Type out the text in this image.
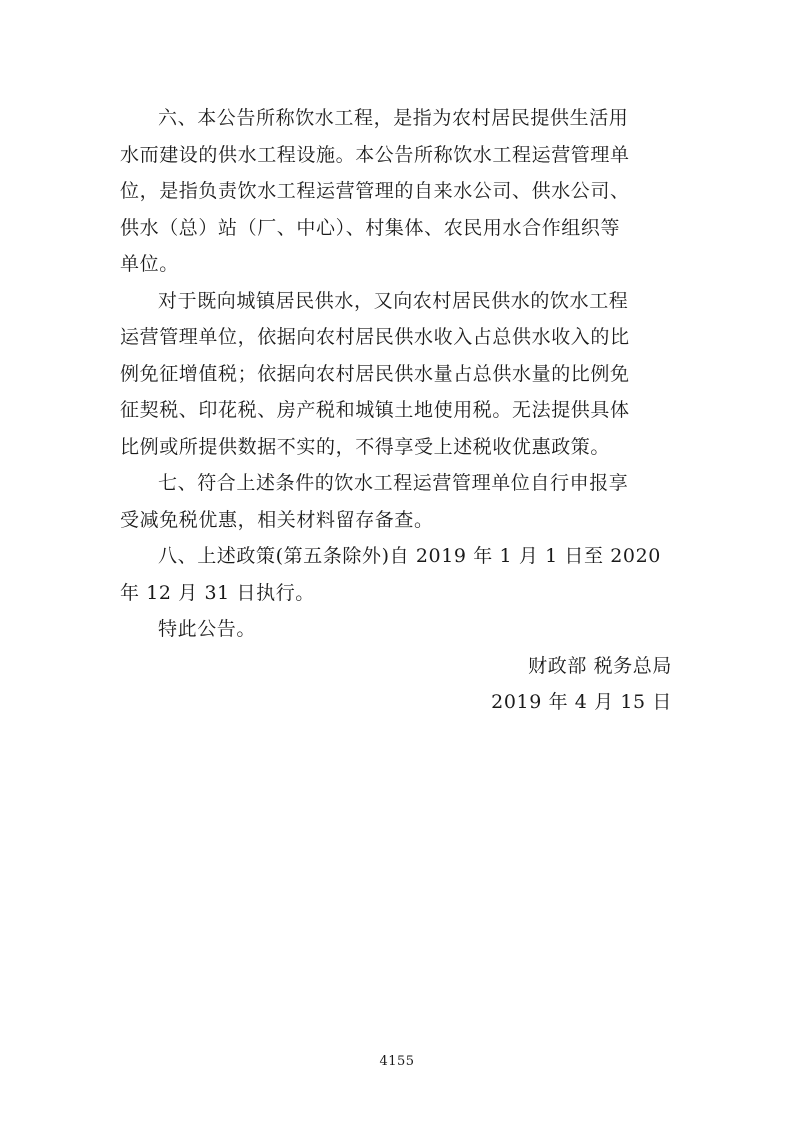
六、本公告所称饮水工程，是指为农村居民提供生活用
水而建设的供水工程设施。本公告所称饮水工程运营管理单
位，是指负责饮水工程运营管理的自来水公司、供水公司、
供水（总）站（厂、中心）、村集体、农民用水合作组织等
单位。

对于既向城镇居民供水，又向农村居民供水的饮水工程
运营管理单位，依据向农村居民供水收入占总供水收入的比
例免征增值税；依据向农村居民供水量占总供水量的比例免
征契税、印花税、房产税和城镇土地使用税。无法提供具体
比例或所提供数据不实的，不得享受上述税收优惠政策。

七、符合上述条件的饮水工程运营管理单位自行申报享
受减免税优惠，相关材料留存备查。

八、上述政策(第五条除外)自 2019 年 1 月 1 日至 2020
年 12 月 31 日执行。

特此公告。

财政部 税务总局

2019 年 4 月 15 日

4155
